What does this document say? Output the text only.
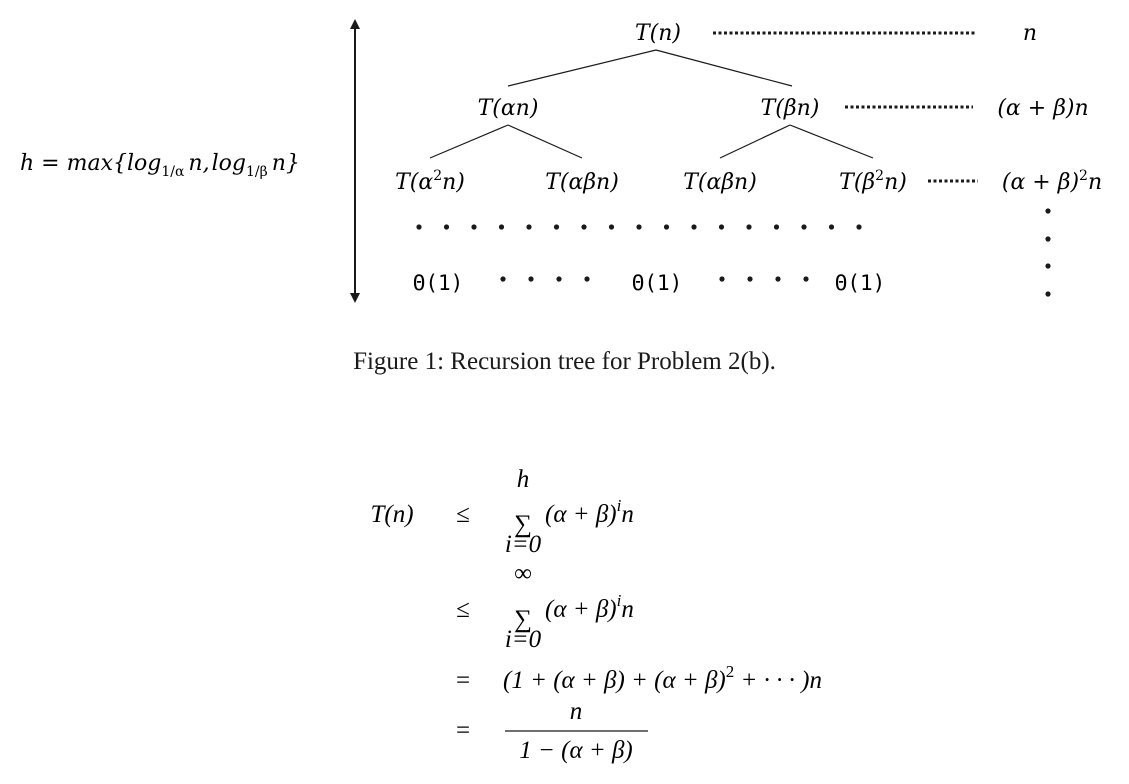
$h = \max\{\log_{1/\alpha}$ $n,\log_{1/\beta}$ n}
T(n)	n
T(αn)	T(βn)	(α + β)n
$T(\alpha^2n)$	T(αβn)	T(αβn)	$T(\beta^2n)$	$(\alpha + \beta)^2n$
Θ(1)	Θ(1)	Θ(1)
T(n) ≤
h
∑
i=0
$(\alpha + \beta)^in$
≤
∞
∑
i=0
$(\alpha + \beta)^in$
= ($1 + (\alpha + \beta) + (\alpha + \beta)^2$ + · · · )n
=
n
1 − (α + β)
Figure 1: Recursion tree for Problem 2(b).
